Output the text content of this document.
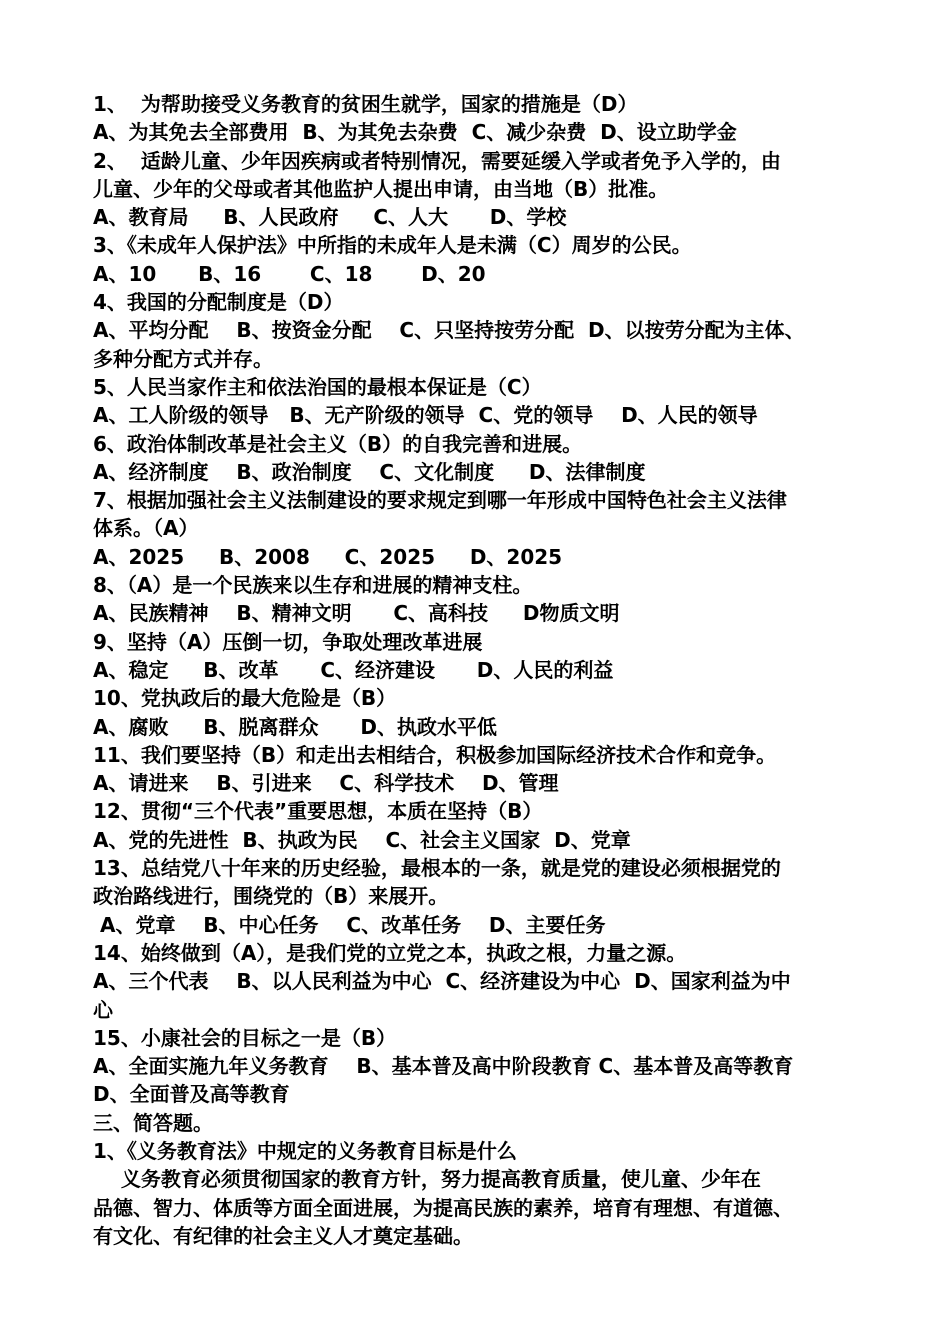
1、  为帮助接受义务教育的贫困生就学，国家的措施是（D）
A、为其免去全部费用  B、为其免去杂费  C、减少杂费  D、设立助学金
2、  适龄儿童、少年因疾病或者特别情况，需要延缓入学或者免予入学的，由
儿童、少年的父母或者其他监护人提出申请，由当地（B）批准。
A、教育局     B、人民政府     C、人大      D、学校
3、《未成年人保护法》中所指的未成年人是未满（C）周岁的公民。
A、10      B、16       C、18       D、20
4、我国的分配制度是（D）
A、平均分配    B、按资金分配    C、只坚持按劳分配  D、以按劳分配为主体、
多种分配方式并存。
5、人民当家作主和依法治国的最根本保证是（C）
A、工人阶级的领导   B、无产阶级的领导  C、党的领导    D、人民的领导
6、政治体制改革是社会主义（B）的自我完善和进展。
A、经济制度    B、政治制度    C、文化制度     D、法律制度
7、根据加强社会主义法制建设的要求规定到哪一年形成中国特色社会主义法律
体系。（A）
A、2025     B、2008     C、2025     D、2025
8、（A）是一个民族来以生存和进展的精神支柱。
A、民族精神    B、精神文明      C、高科技     D物质文明
9、坚持（A）压倒一切，争取处理改革进展
A、稳定     B、改革      C、经济建设      D、人民的利益
10、党执政后的最大危险是（B）
A、腐败     B、脱离群众      D、执政水平低
11、我们要坚持（B）和走出去相结合，积极参加国际经济技术合作和竞争。
A、请进来    B、引进来    C、科学技术    D、管理
12、贯彻“三个代表”重要思想，本质在坚持（B）
A、党的先进性  B、执政为民    C、社会主义国家  D、党章
13、总结党八十年来的历史经验，最根本的一条，就是党的建设必须根据党的
政治路线进行，围绕党的（B）来展开。
A、党章    B、中心任务    C、改革任务    D、主要任务
14、始终做到（A），是我们党的立党之本，执政之根，力量之源。
A、三个代表    B、以人民利益为中心  C、经济建设为中心  D、国家利益为中
心
15、小康社会的目标之一是（B）
A、全面实施九年义务教育    B、基本普及高中阶段教育 C、基本普及高等教育
D、全面普及高等教育
三、简答题。
1、《义务教育法》中规定的义务教育目标是什么
义务教育必须贯彻国家的教育方针，努力提高教育质量，使儿童、少年在
品德、智力、体质等方面全面进展，为提高民族的素养，培育有理想、有道德、
有文化、有纪律的社会主义人才奠定基础。
